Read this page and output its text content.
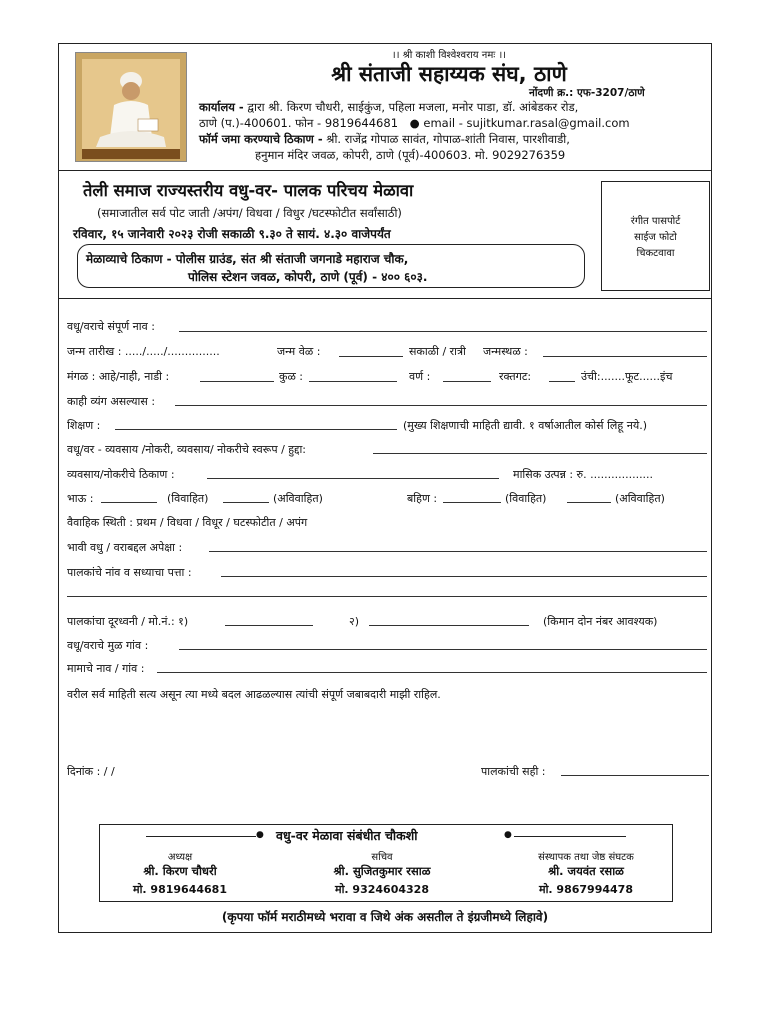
।। श्री काशी विश्वेश्वराय नमः ।।
श्री संताजी सहाय्यक संघ, ठाणे
नोंदणी क्र.: एफ-3207/ठाणे
कार्यालय - द्वारा श्री. किरण चौधरी, साईकुंज, पहिला मजला, मनोर पाडा, डॉ. आंबेडकर रोड,
ठाणे (प.)-400601. फोन - 9819644681 ● email - sujitkumar.rasal@gmail.com
फॉर्म जमा करण्याचे ठिकाण - श्री. राजेंद्र गोपाळ सावंत, गोपाळ-शांती निवास, पारशीवाडी,
हनुमान मंदिर जवळ, कोपरी, ठाणे (पूर्व)-400603. मो. 9029276359
तेली समाज राज्यस्तरीय वधु-वर- पालक परिचय मेळावा
(समाजातील सर्व पोट जाती /अपंग/ विधवा / विधुर /घटस्फोटीत सर्वांसाठी)
रविवार, १५ जानेवारी २०२३ रोजी सकाळी ९.३० ते सायं. ४.३० वाजेपर्यंत
मेळाव्याचे ठिकाण - पोलीस ग्राउंड, संत श्री संताजी जगनाडे महाराज चौक,
पोलिस स्टेशन जवळ, कोपरी, ठाणे (पूर्व) - ४०० ६०३.
रंगीत पासपोर्ट
साईज फोटो
चिकटवावा
वधू/वराचे संपूर्ण नाव :
जन्म तारीख : ...../...../...............	जन्म वेळ :	सकाळी / रात्री जन्मस्थळ :
मंगळ : आहे/नाही, नाडी :	कुळ :	वर्ण :	रक्तगट:	उंची:.......फूट......इंच
काही व्यंग असल्यास :
शिक्षण :	(मुख्य शिक्षणाची माहिती द्यावी. १ वर्षाआतील कोर्स लिहू नये.)
वधू/वर - व्यवसाय /नोकरी, व्यवसाय/ नोकरीचे स्वरूप / हुद्दा:
व्यवसाय/नोकरीचे ठिकाण :	मासिक उत्पन्न : रु. ..................
भाऊ :	(विवाहित)	(अविवाहित)	बहिण :	(विवाहित)	(अविवाहित)
वैवाहिक स्थिती : प्रथम / विधवा / विधूर / घटस्फोटीत / अपंग
भावी वधु / वराबद्दल अपेक्षा :
पालकांचे नांव व सध्याचा पत्ता :
पालकांचा दूरध्वनी / मो.नं.: १)	२)	(किमान दोन नंबर आवश्यक)
वधू/वराचे मुळ गांव :
मामाचे नाव / गांव :
वरील सर्व माहिती सत्य असून त्या मध्ये बदल आढळल्यास त्यांची संपूर्ण जबाबदारी माझी राहिल.
दिनांक : / /	पालकांची सही :
● वधु-वर मेळावा संबंधीत चौकशी	●
अध्यक्ष
श्री. किरण चौधरी
मो. 9819644681
सचिव
श्री. सुजितकुमार रसाळ
मो. 9324604328
संस्थापक तथा जेष्ठ संघटक
श्री. जयवंत रसाळ
मो. 9867994478
(कृपया फॉर्म मराठीमध्ये भरावा व जिथे अंक असतील ते इंग्रजीमध्ये लिहावे)
